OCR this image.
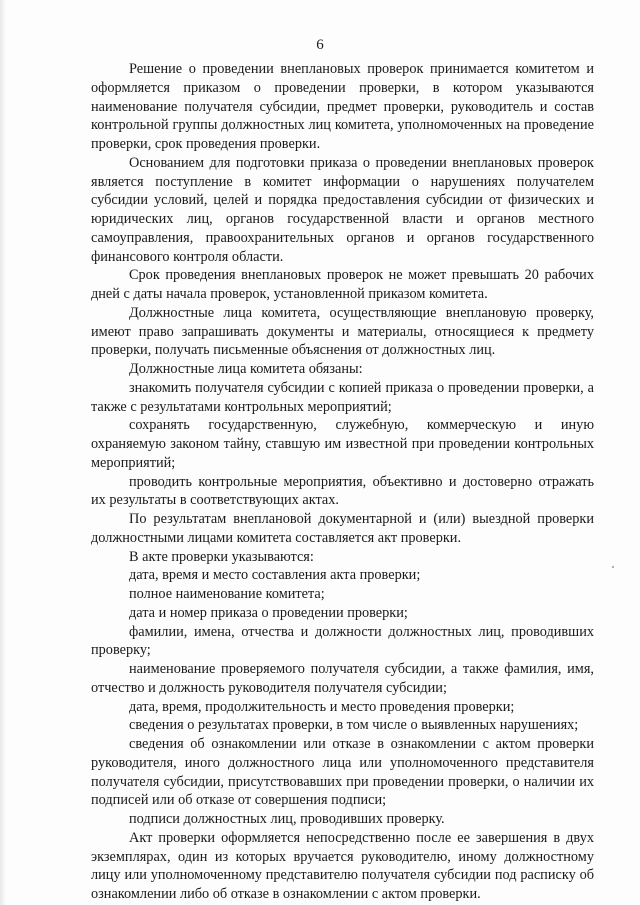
6

Решение о проведении внеплановых проверок принимается комитетом и оформляется приказом о проведении проверки, в котором указываются наименование получателя субсидии, предмет проверки, руководитель и состав контрольной группы должностных лиц комитета, уполномоченных на проведение проверки, срок проведения проверки.

Основанием для подготовки приказа о проведении внеплановых проверок является поступление в комитет информации о нарушениях получателем субсидии условий, целей и порядка предоставления субсидии от физических и юридических лиц, органов государственной власти и органов местного самоуправления, правоохранительных органов и органов государственного финансового контроля области.

Срок проведения внеплановых проверок не может превышать 20 рабочих дней с даты начала проверок, установленной приказом комитета.

Должностные лица комитета, осуществляющие внеплановую проверку, имеют право запрашивать документы и материалы, относящиеся к предмету проверки, получать письменные объяснения от должностных лиц.

Должностные лица комитета обязаны:

знакомить получателя субсидии с копией приказа о проведении проверки, а также с результатами контрольных мероприятий;

сохранять государственную, служебную, коммерческую и иную охраняемую законом тайну, ставшую им известной при проведении контрольных мероприятий;

проводить контрольные мероприятия, объективно и достоверно отражать их результаты в соответствующих актах.

По результатам внеплановой документарной и (или) выездной проверки должностными лицами комитета составляется акт проверки.

В акте проверки указываются:

дата, время и место составления акта проверки;

полное наименование комитета;

дата и номер приказа о проведении проверки;

фамилии, имена, отчества и должности должностных лиц, проводивших проверку;

наименование проверяемого получателя субсидии, а также фамилия, имя, отчество и должность руководителя получателя субсидии;

дата, время, продолжительность и место проведения проверки;

сведения о результатах проверки, в том числе о выявленных нарушениях;

сведения об ознакомлении или отказе в ознакомлении с актом проверки руководителя, иного должностного лица или уполномоченного представителя получателя субсидии, присутствовавших при проведении проверки, о наличии их подписей или об отказе от совершения подписи;

подписи должностных лиц, проводивших проверку.

Акт проверки оформляется непосредственно после ее завершения в двух экземплярах, один из которых вручается руководителю, иному должностному лицу или уполномоченному представителю получателя субсидии под расписку об ознакомлении либо об отказе в ознакомлении с актом проверки.
